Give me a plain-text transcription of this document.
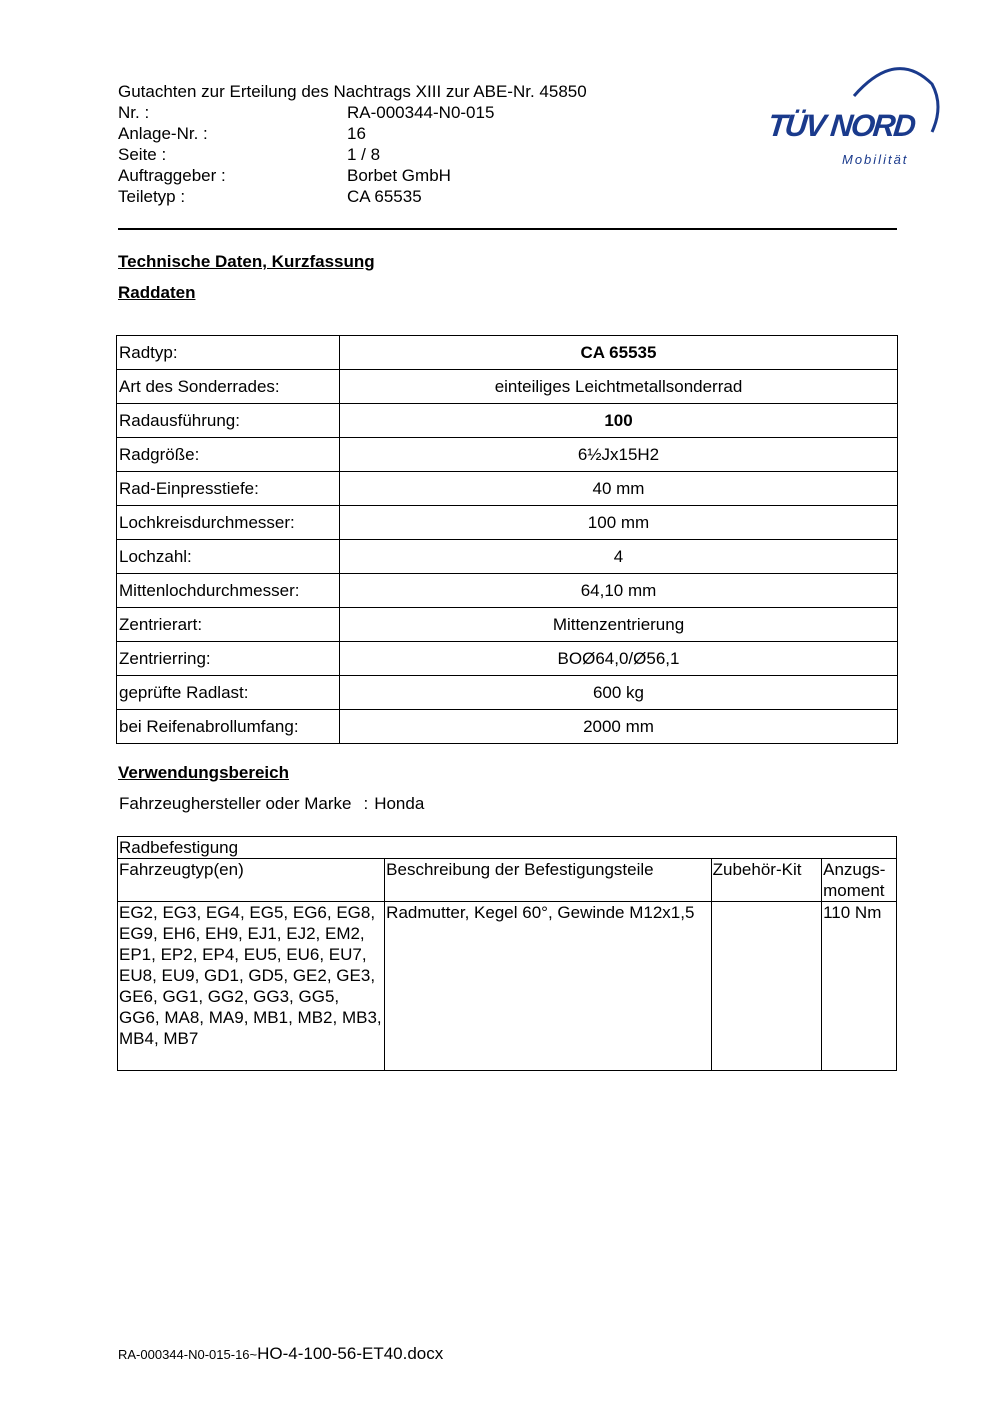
Gutachten zur Erteilung des Nachtrags XIII zur ABE-Nr. 45850
Nr. :	RA-000344-N0-015
Anlage-Nr. :	16
Seite :	1 / 8
Auftraggeber :	Borbet GmbH
Teiletyp :	CA 65535
TÜV NORD
Mobilität
Technische Daten, Kurzfassung
Raddaten
Radtyp:	CA 65535
Art des Sonderrades:	einteiliges Leichtmetallsonderrad
Radausführung:	100
Radgröße:	6½Jx15H2
Rad-Einpresstiefe:	40 mm
Lochkreisdurchmesser:	100 mm
Lochzahl:	4
Mittenlochdurchmesser:	64,10 mm
Zentrierart:	Mittenzentrierung
Zentrierring:	BOØ64,0/Ø56,1
geprüfte Radlast:	600 kg
bei Reifenabrollumfang:	2000 mm
Verwendungsbereich
Fahrzeughersteller oder Marke : Honda
Radbefestigung			
Fahrzeugtyp(en)	Beschreibung der Befestigungsteile	Zubehör-Kit	Anzugs-moment
EG2, EG3, EG4, EG5, EG6, EG8, EG9, EH6, EH9, EJ1, EJ2, EM2, EP1, EP2, EP4, EU5, EU6, EU7, EU8, EU9, GD1, GD5, GE2, GE3, GE6, GG1, GG2, GG3, GG5, GG6, MA8, MA9, MB1, MB2, MB3, MB4, MB7	Radmutter, Kegel 60°, Gewinde M12x1,5		110 Nm
RA-000344-N0-015-16~HO-4-100-56-ET40.docx
